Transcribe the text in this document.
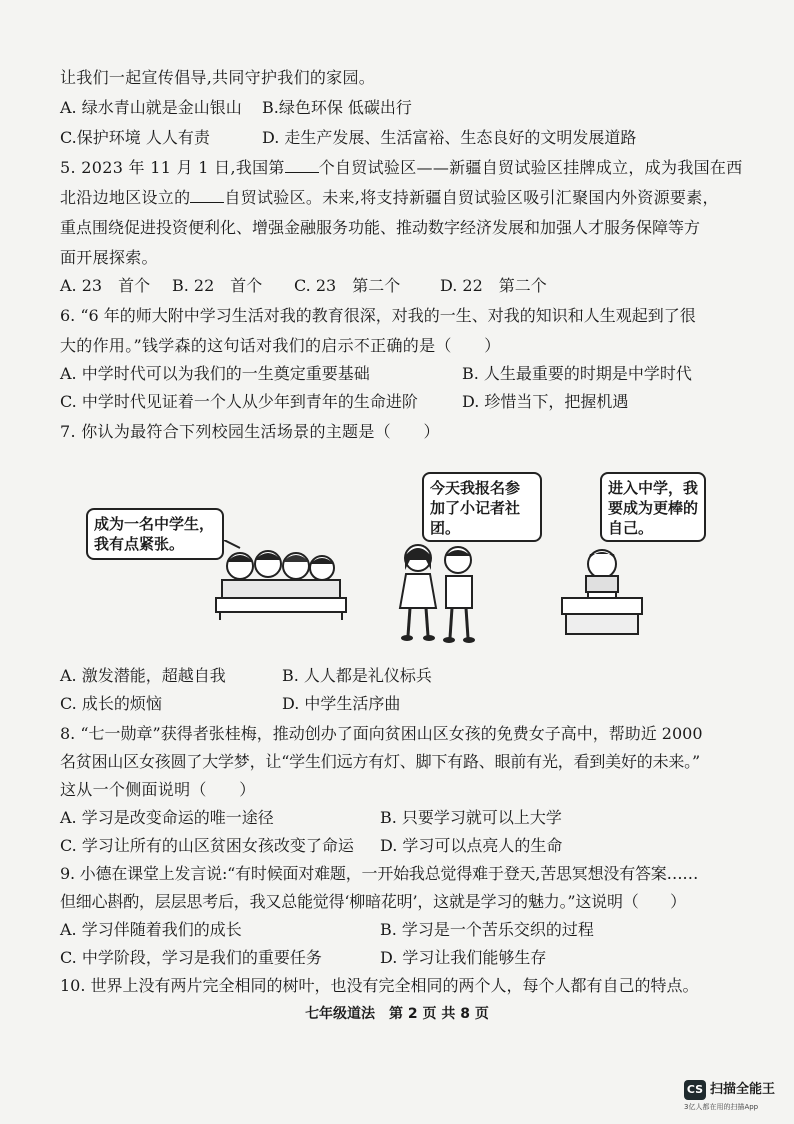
让我们一起宣传倡导,共同守护我们的家园。
A. 绿水青山就是金山银山 B.绿色环保 低碳出行
C.保护环境 人人有责	D. 走生产发展、生活富裕、生态良好的文明发展道路
5. 2023 年 11 月 1 日,我国第 个自贸试验区——新疆自贸试验区挂牌成立，成为我国在西
北沿边地区设立的 自贸试验区。未来,将支持新疆自贸试验区吸引汇聚国内外资源要素，
重点围绕促进投资便利化、增强金融服务功能、推动数字经济发展和加强人才服务保障等方
面开展探索。
A. 23　首个 B. 22　首个 C. 23　第二个 D. 22　第二个
6. “6 年的师大附中学习生活对我的教育很深，对我的一生、对我的知识和人生观起到了很
大的作用。”钱学森的这句话对我们的启示不正确的是（　　）
A. 中学时代可以为我们的一生奠定重要基础	B. 人生最重要的时期是中学时代
C. 中学时代见证着一个人从少年到青年的生命进阶	D. 珍惜当下，把握机遇
7. 你认为最符合下列校园生活场景的主题是（　　）
成为一名中学生，我有点紧张。
今天我报名参加了小记者社团。
进入中学，我要成为更棒的自己。
A. 激发潜能，超越自我	B. 人人都是礼仪标兵
C. 成长的烦恼	D. 中学生活序曲
8. “七一勋章”获得者张桂梅，推动创办了面向贫困山区女孩的免费女子高中，帮助近 2000
名贫困山区女孩圆了大学梦，让“学生们远方有灯、脚下有路、眼前有光，看到美好的未来。”
这从一个侧面说明（　　）
A. 学习是改变命运的唯一途径	B. 只要学习就可以上大学
C. 学习让所有的山区贫困女孩改变了命运 D. 学习可以点亮人的生命
9. 小德在课堂上发言说:“有时候面对难题，一开始我总觉得难于登天,苦思冥想没有答案……
但细心斟酌，层层思考后，我又总能觉得‘柳暗花明’，这就是学习的魅力。”这说明（　　）
A. 学习伴随着我们的成长	B. 学习是一个苦乐交织的过程
C. 中学阶段，学习是我们的重要任务	D. 学习让我们能够生存
10. 世界上没有两片完全相同的树叶，也没有完全相同的两个人，每个人都有自己的特点。
七年级道法　第 2 页 共 8 页
CS 扫描全能王
3亿人都在用的扫描App
